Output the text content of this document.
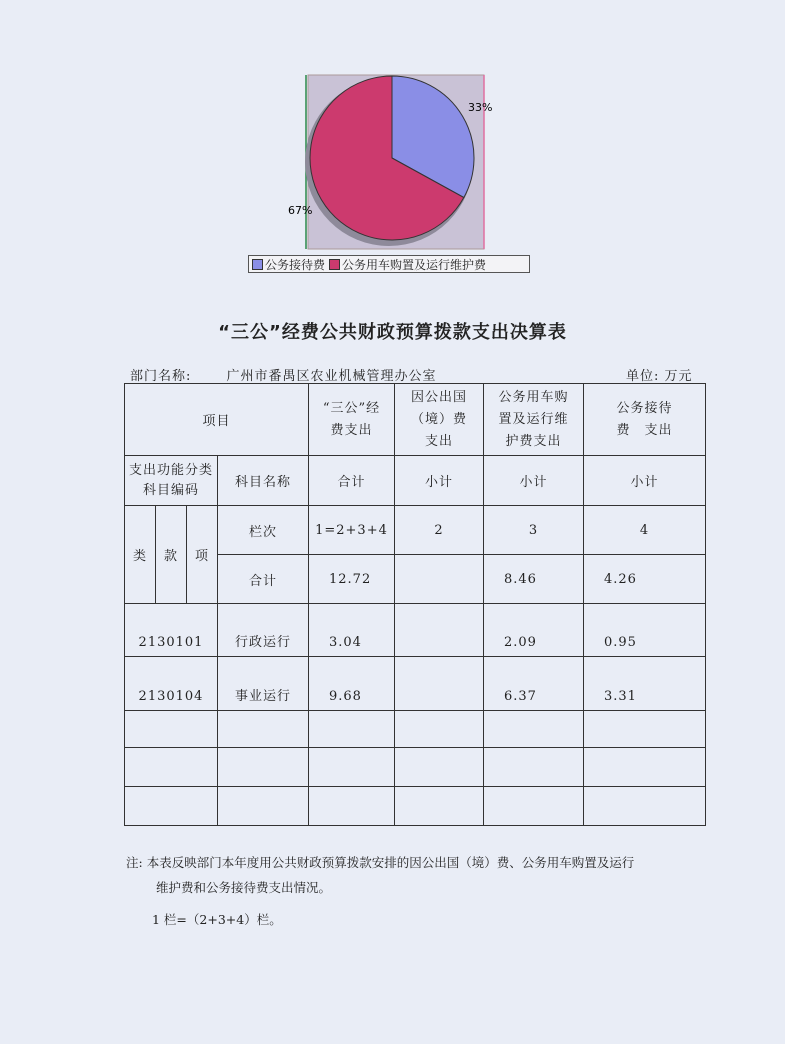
33%
67%
公务接待费 公务用车购置及运行维护费
“三公”经费公共财政预算拨款支出决算表
部门名称:	广州市番禺区农业机械管理办公室	单位: 万元
项目				“三公”经费支出	因公出国（境）费支出	公务用车购置及运行维护费支出	公务接待费　支出
支出功能分类科目编码			科目名称	合计	小计	小计	小计
类	款	项	栏次	1=2+3+4	2	3	4
			合计	12.72		8.46	4.26
2130101			行政运行	3.04		2.09	0.95
2130104			事业运行	9.68		6.37	3.31

注: 本表反映部门本年度用公共财政预算拨款安排的因公出国（境）费、公务用车购置及运行
维护费和公务接待费支出情况。
1 栏=（2+3+4）栏。
